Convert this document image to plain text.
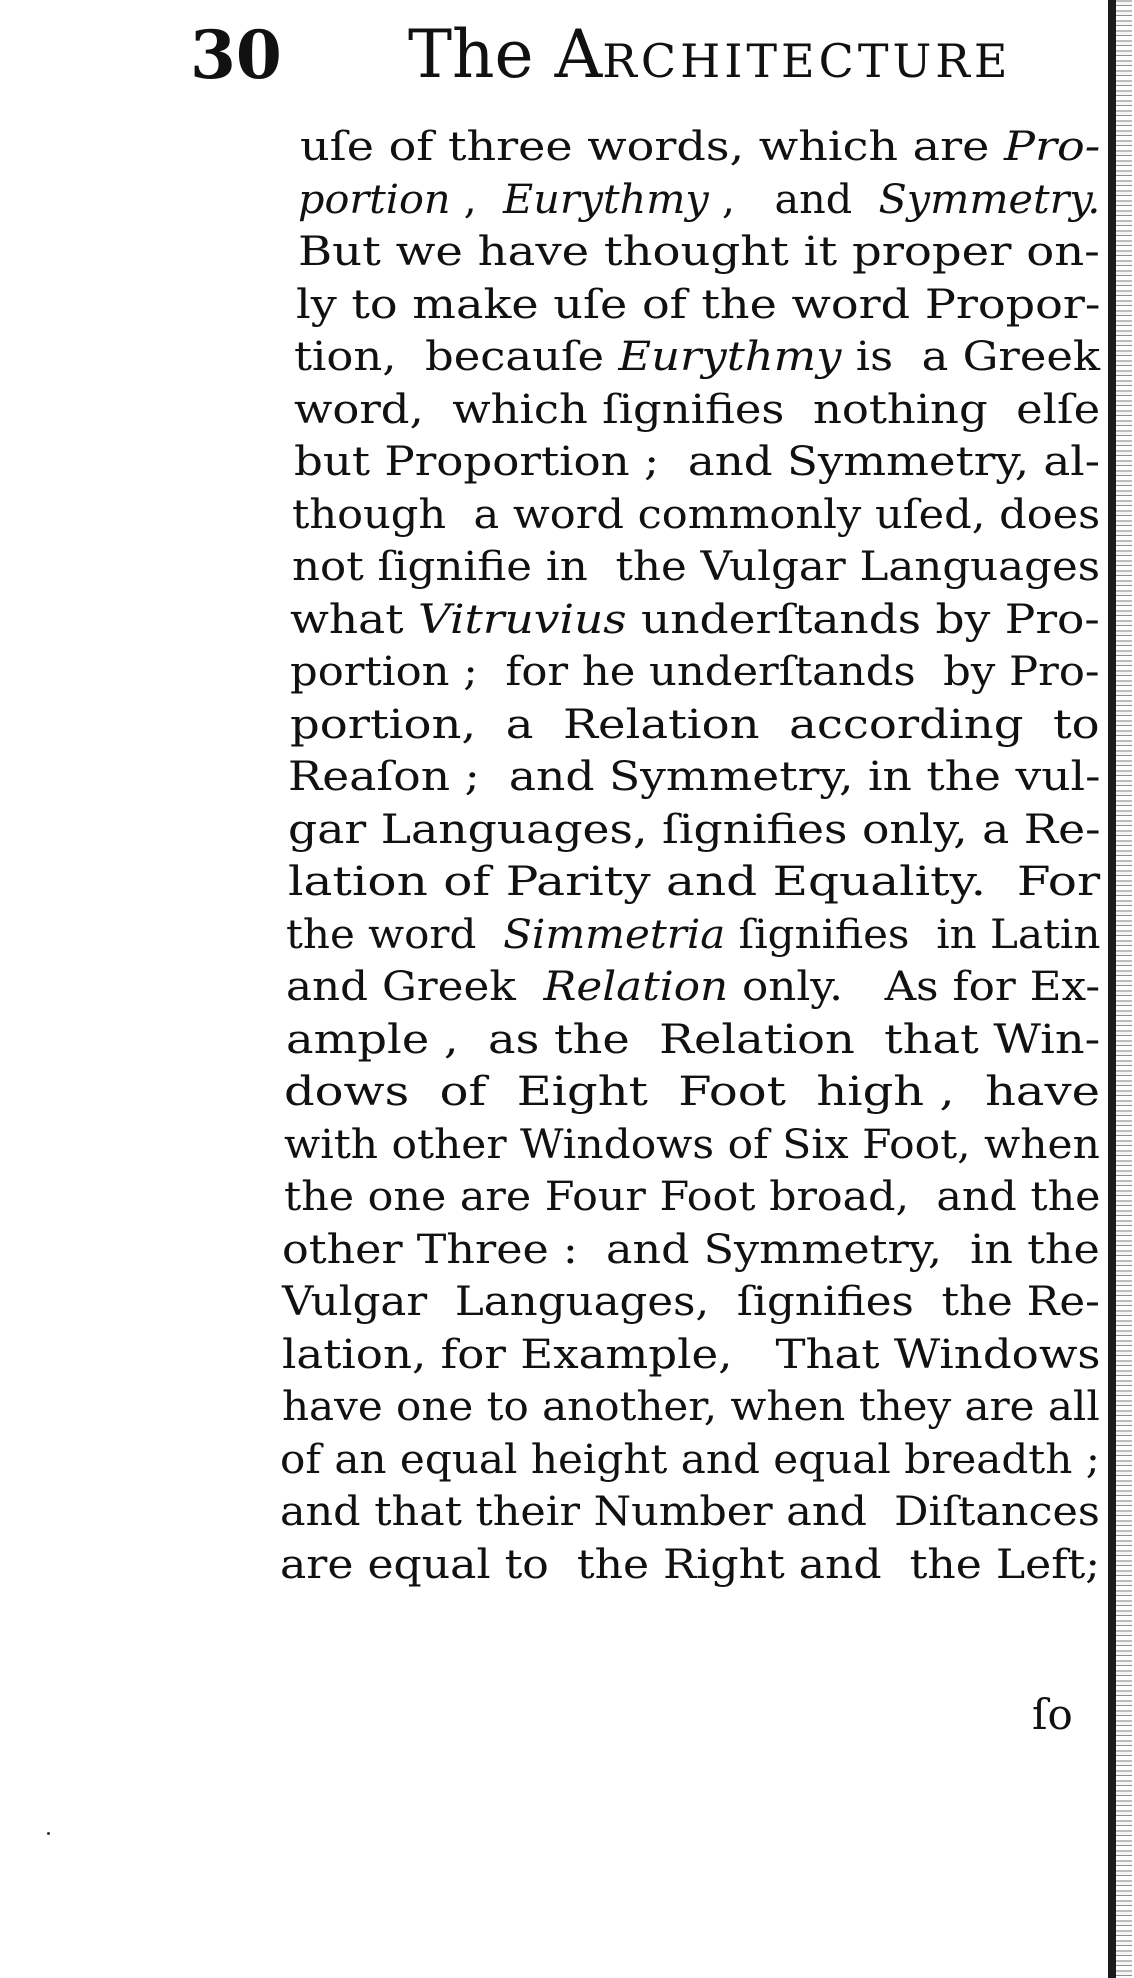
30 The ARCHITECTURE
uſe of three words, which are Pro-
portion ,  Eurythmy ,   and  Symmetry.
But we have thought it proper on-
ly to make uſe of the word Propor-
tion,  becauſe Eurythmy is  a Greek
word,  which ſignifies  nothing  elſe
but Proportion ;  and Symmetry, al-
though  a word commonly uſed, does
not ſignifie in  the Vulgar Languages
what Vitruvius underſtands by Pro-
portion ;  for he underſtands  by Pro-
portion,  a  Relation  according  to
Reaſon ;  and Symmetry, in the vul-
gar Languages, ſignifies only, a Re-
lation of Parity and Equality.  For
the word  Simmetria ſignifies  in Latin
and Greek  Relation only.   As for Ex-
ample ,  as the  Relation  that Win-
dows  of  Eight  Foot  high ,  have
with other Windows of Six Foot, when
the one are Four Foot broad,  and the
other Three :  and Symmetry,  in the
Vulgar  Languages,  ſignifies  the Re-
lation, for Example,   That Windows
have one to another, when they are all
of an equal height and equal breadth ;
and that their Number and  Diſtances
are equal to  the Right and  the Left;
ſo
